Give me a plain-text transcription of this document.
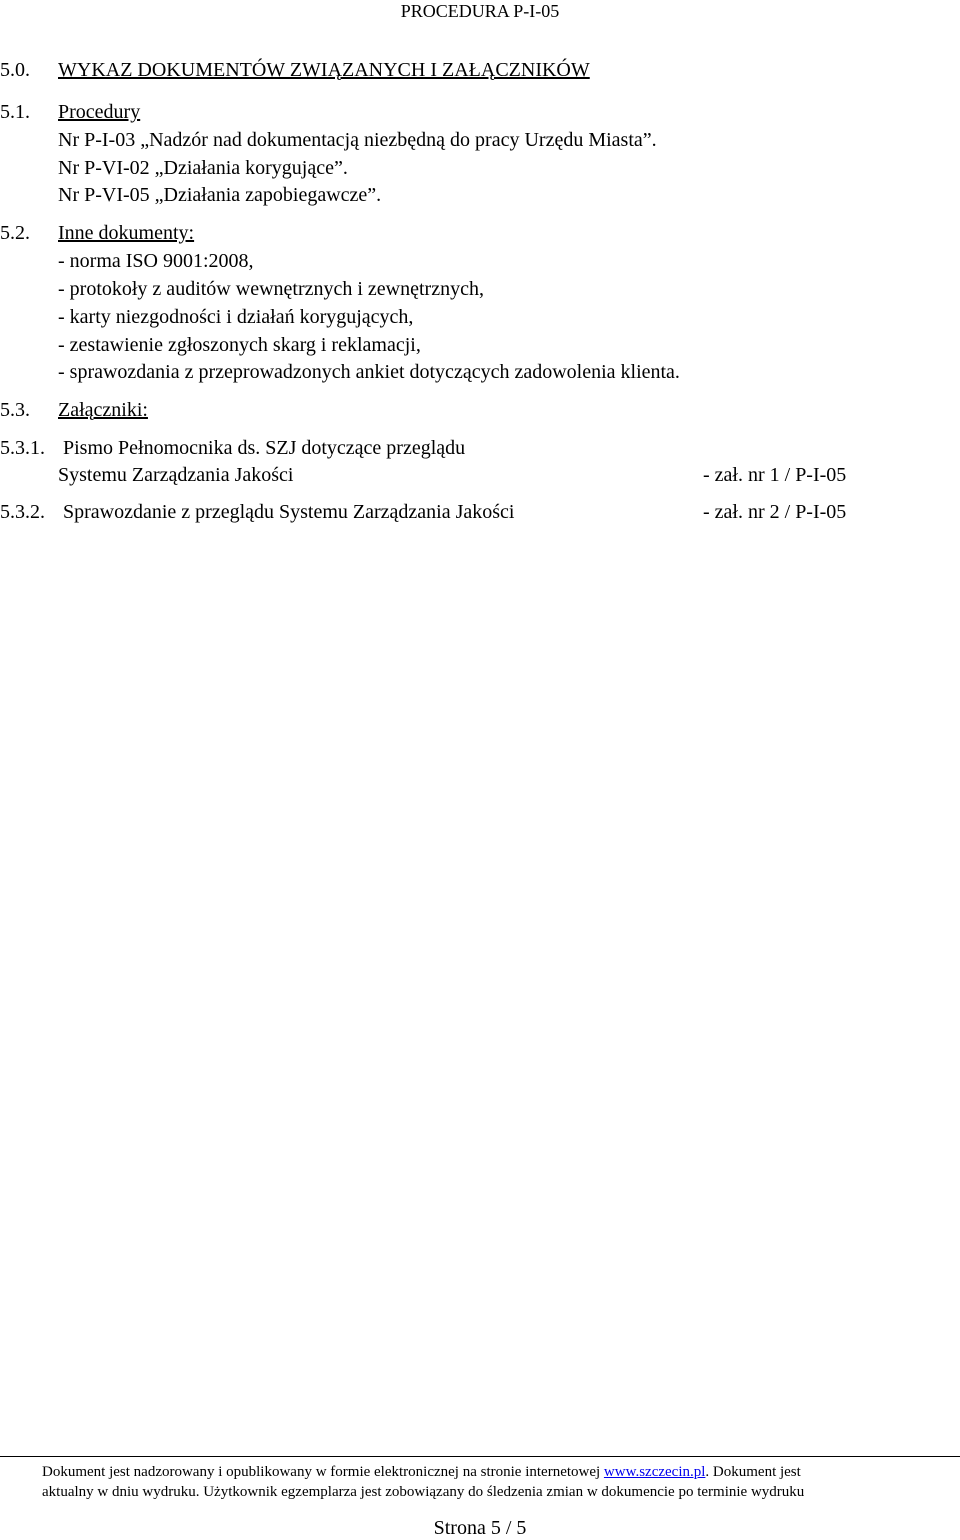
PROCEDURA P-I-05
5.0. WYKAZ DOKUMENTÓW ZWIĄZANYCH I ZAŁĄCZNIKÓW
5.1. Procedury
Nr P-I-03 „Nadzór nad dokumentacją niezbędną do pracy Urzędu Miasta”.
Nr P-VI-02 „Działania korygujące”.
Nr P-VI-05 „Działania zapobiegawcze”.
5.2. Inne dokumenty:
- norma ISO 9001:2008,
- protokoły z auditów wewnętrznych i zewnętrznych,
- karty niezgodności i działań korygujących,
- zestawienie zgłoszonych skarg i reklamacji,
- sprawozdania z przeprowadzonych ankiet dotyczących zadowolenia klienta.
5.3. Załączniki:
5.3.1. Pismo Pełnomocnika ds. SZJ dotyczące przeglądu
Systemu Zarządzania Jakości	- zał. nr 1 / P-I-05
5.3.2. Sprawozdanie z przeglądu Systemu Zarządzania Jakości	- zał. nr 2 / P-I-05
Dokument jest nadzorowany i opublikowany w formie elektronicznej na stronie internetowej www.szczecin.pl. Dokument jest
aktualny w dniu wydruku. Użytkownik egzemplarza jest zobowiązany do śledzenia zmian w dokumencie po terminie wydruku
Strona 5 / 5
